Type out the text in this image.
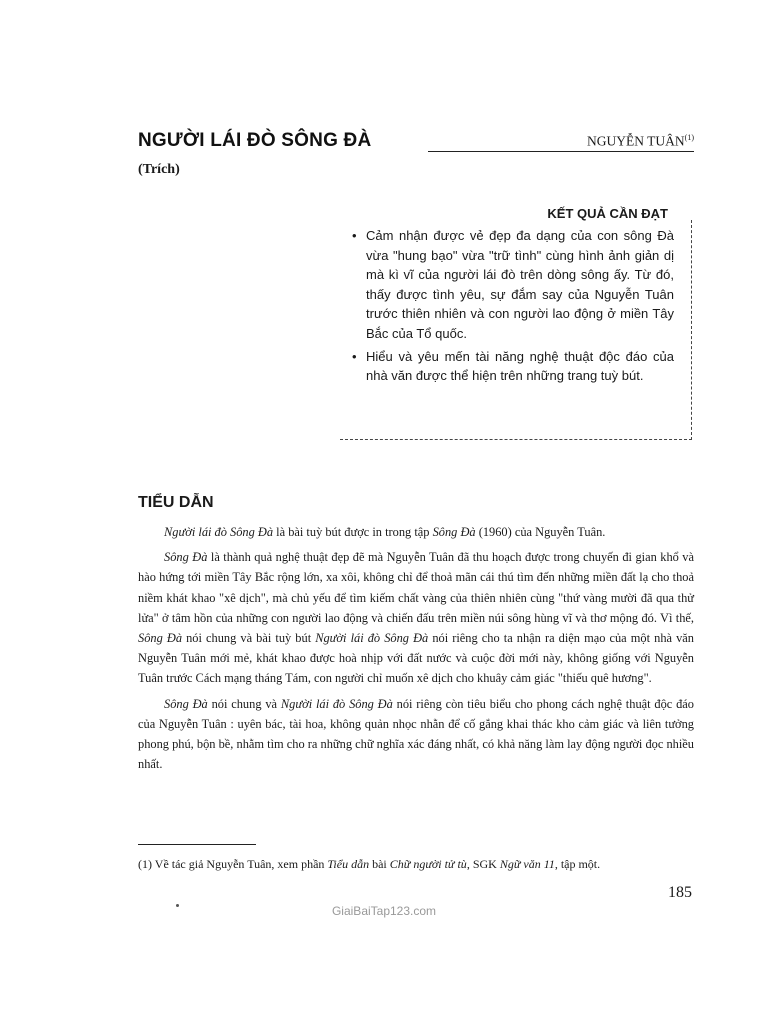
NGƯỜI LÁI ĐÒ SÔNG ĐÀ	NGUYỄN TUÂN$^{(1)}$
(Trích)
KẾT QUẢ CẦN ĐẠT
• Cảm nhận được vẻ đẹp đa dạng của con sông Đà vừa "hung bạo" vừa "trữ tình" cùng hình ảnh giản dị mà kì vĩ của người lái đò trên dòng sông ấy. Từ đó, thấy được tình yêu, sự đắm say của Nguyễn Tuân trước thiên nhiên và con người lao động ở miền Tây Bắc của Tổ quốc.
• Hiểu và yêu mến tài năng nghệ thuật độc đáo của nhà văn được thể hiện trên những trang tuỳ bút.
TIỂU DẪN

Người lái đò Sông Đà là bài tuỳ bút được in trong tập Sông Đà (1960) của Nguyễn Tuân.

Sông Đà là thành quả nghệ thuật đẹp đẽ mà Nguyễn Tuân đã thu hoạch được trong chuyến đi gian khổ và hào hứng tới miền Tây Bắc rộng lớn, xa xôi, không chỉ để thoả mãn cái thú tìm đến những miền đất lạ cho thoả niềm khát khao "xê dịch", mà chủ yếu để tìm kiếm chất vàng của thiên nhiên cùng "thứ vàng mười đã qua thử lửa" ở tâm hồn của những con người lao động và chiến đấu trên miền núi sông hùng vĩ và thơ mộng đó. Vì thế, Sông Đà nói chung và bài tuỳ bút Người lái đò Sông Đà nói riêng cho ta nhận ra diện mạo của một nhà văn Nguyễn Tuân mới mẻ, khát khao được hoà nhịp với đất nước và cuộc đời mới này, không giống với Nguyễn Tuân trước Cách mạng tháng Tám, con người chỉ muốn xê dịch cho khuây cảm giác "thiếu quê hương".

Sông Đà nói chung và Người lái đò Sông Đà nói riêng còn tiêu biểu cho phong cách nghệ thuật độc đáo của Nguyễn Tuân : uyên bác, tài hoa, không quản nhọc nhằn để cố gắng khai thác kho cảm giác và liên tưởng phong phú, bộn bề, nhằm tìm cho ra những chữ nghĩa xác đáng nhất, có khả năng làm lay động người đọc nhiều nhất.

(1) Về tác giả Nguyễn Tuân, xem phần Tiểu dẫn bài Chữ người tử tù, SGK Ngữ văn 11, tập một.
185
GiaiBaiTap123.com
